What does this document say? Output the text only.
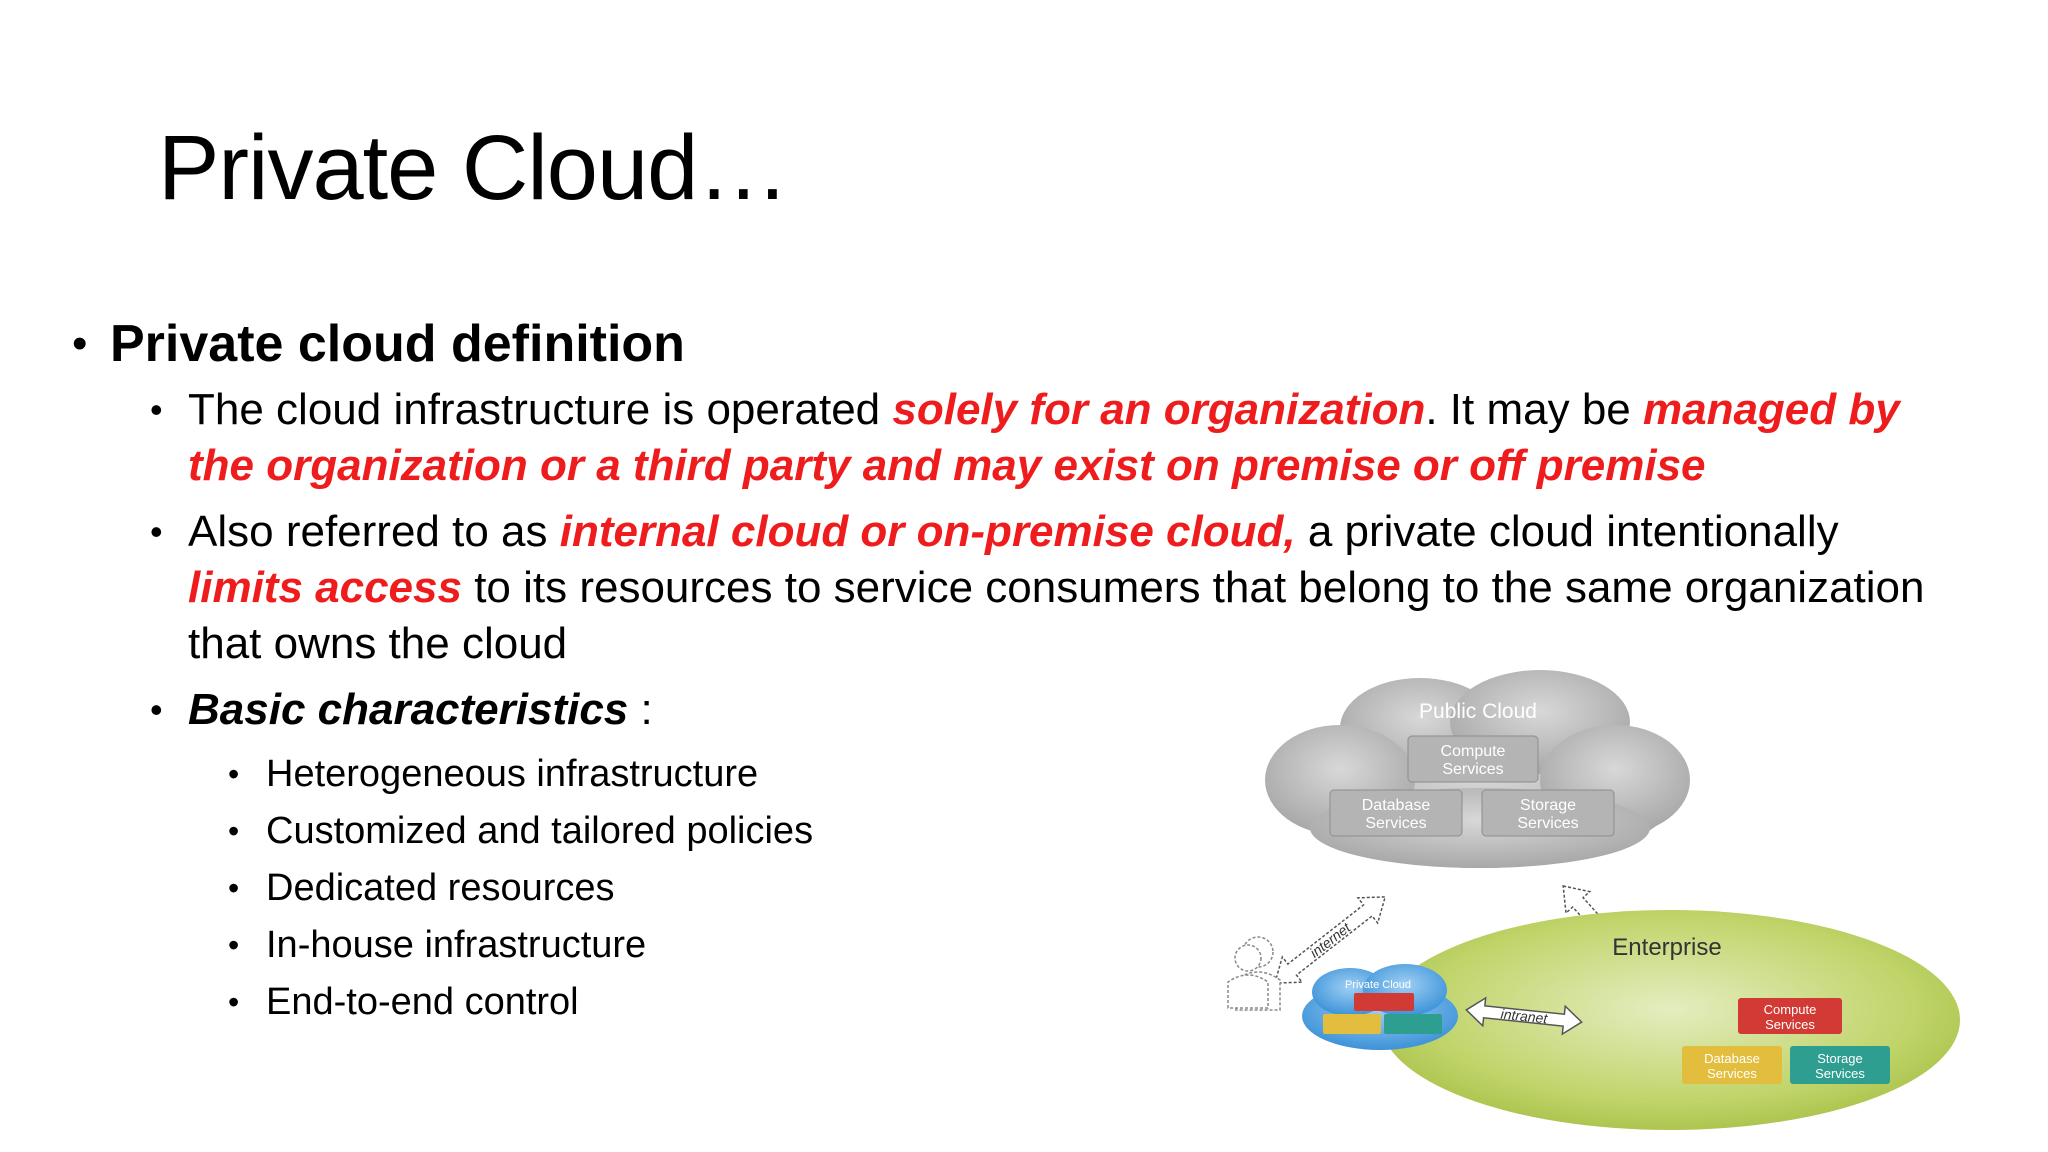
Private Cloud…
• Private cloud definition
• The cloud infrastructure is operated solely for an organization. It may be managed by the organization or a third party and may exist on premise or off premise
• Also referred to as internal cloud or on-premise cloud, a private cloud intentionally limits access to its resources to service consumers that belong to the same organization that owns the cloud
• Basic characteristics :
• Heterogeneous infrastructure
• Customized and tailored policies
• Dedicated resources
• In-house infrastructure
• End-to-end control
Public Cloud
Compute
Services
Database
Services
Storage
Services
internet	Enterprise
Private Cloud
intranet	Compute
Services
Database
Services
Storage
Services
